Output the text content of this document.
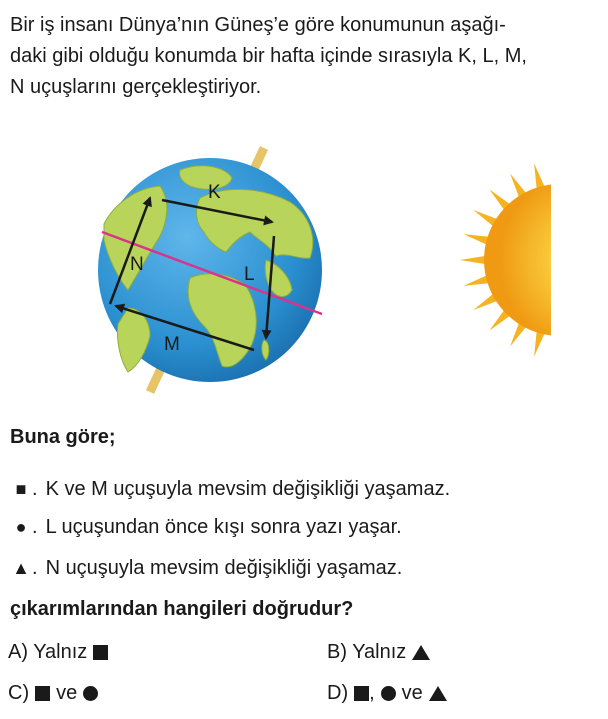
Bir iş insanı Dünya’nın Güneş’e göre konumunun aşağı-
daki gibi olduğu konumda bir hafta içinde sırasıyla K, L, M,
N uçuşlarını gerçekleştiriyor.
K
L
M
N
Buna göre;
■ . K ve M uçuşuyla mevsim değişikliği yaşamaz.
● . L uçuşundan önce kışı sonra yazı yaşar.
▲ . N uçuşuyla mevsim değişikliği yaşamaz.
çıkarımlarından hangileri doğrudur?
A) Yalnız	B) Yalnız
C) ve	D) , ve
